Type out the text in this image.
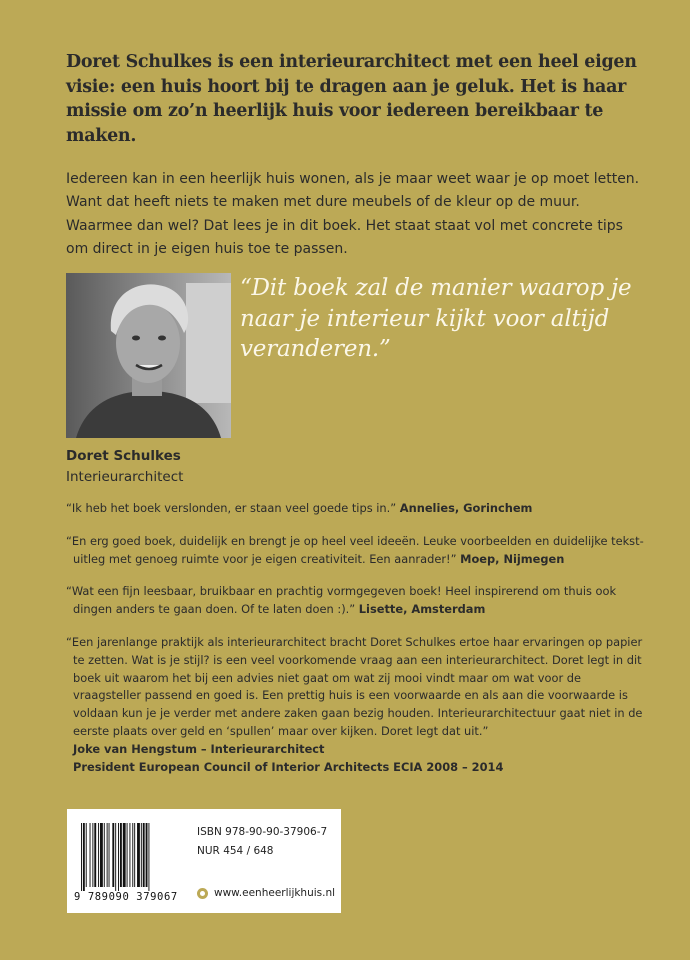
Doret Schulkes is een interieurarchitect met een heel eigen visie: een huis hoort bij te dragen aan je geluk. Het is haar missie om zo’n heerlijk huis voor iedereen bereikbaar te maken.

Iedereen kan in een heerlijk huis wonen, als je maar weet waar je op moet letten. Want dat heeft niets te maken met dure meubels of de kleur op de muur. Waarmee dan wel? Dat lees je in dit boek. Het staat staat vol met concrete tips om direct in je eigen huis toe te passen.

“Dit boek zal de manier waarop je naar je interieur kijkt voor altijd veranderen.”

Doret Schulkes
Interieurarchitect

“Ik heb het boek verslonden, er staan veel goede tips in.” Annelies, Gorinchem

“En erg goed boek, duidelijk en brengt je op heel veel ideeën. Leuke voorbeelden en duidelijke tekst-uitleg met genoeg ruimte voor je eigen creativiteit. Een aanrader!” Moep, Nijmegen

“Wat een fijn leesbaar, bruikbaar en prachtig vormgegeven boek! Heel inspirerend om thuis ook dingen anders te gaan doen. Of te laten doen :).” Lisette, Amsterdam

“Een jarenlange praktijk als interieurarchitect bracht Doret Schulkes ertoe haar ervaringen op papier te zetten. Wat is je stijl? is een veel voorkomende vraag aan een interieurarchitect. Doret legt in dit boek uit waarom het bij een advies niet gaat om wat zij mooi vindt maar om wat voor de vraagsteller passend en goed is. Een prettig huis is een voorwaarde en als aan die voorwaarde is voldaan kun je je verder met andere zaken gaan bezig houden. Interieurarchitectuur gaat niet in de eerste plaats over geld en ‘spullen’ maar over kijken. Doret legt dat uit.”
Joke van Hengstum – Interieurarchitect
President European Council of Interior Architects ECIA 2008 – 2014

9 789090 379067
ISBN 978-90-90-37906-7
NUR 454 / 648
www.eenheerlijkhuis.nl
